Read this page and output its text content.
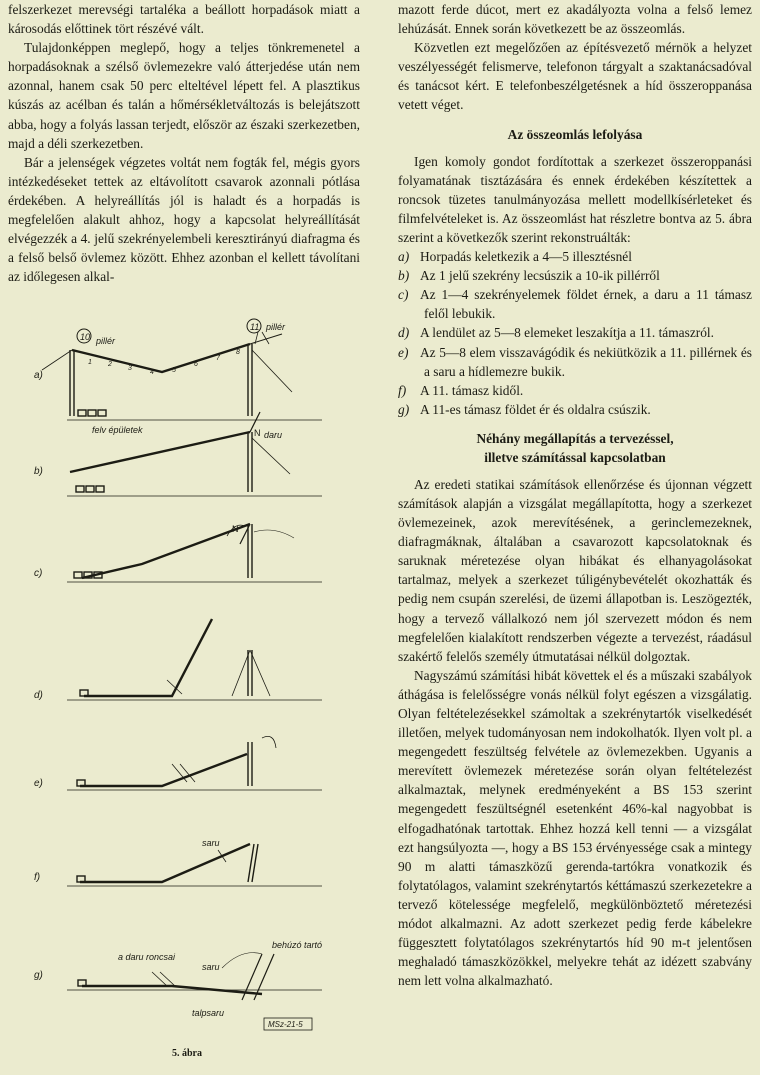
felszerkezet merevségi tartaléka a beállott horpadások miatt a károsodás előttinek tört részévé vált.

Tulajdonképpen meglepő, hogy a teljes tönkremenetel a horpadásoknak a szélső övlemezekre való átterjedése után nem azonnal, hanem csak 50 perc elteltével lépett fel. A plasztikus kúszás az acélban és talán a hőmérsékletváltozás is belejátszott abba, hogy a folyás lassan terjedt, először az északi szerkezetben, majd a déli szerkezetben.

Bár a jelenségek végzetes voltát nem fogták fel, mégis gyors intézkedéseket tettek az eltávolított csavarok azonnali pótlása érdekében. A helyreállítás jól is haladt és a horpadás is megfelelően alakult ahhoz, hogy a kapcsolat helyreállítását elvégezzék a 4. jelű szekrényelembeli keresztirányú diafragma és a felső belső övlemez között. Ehhez azonban el kellett távolítani az időlegesen alkal-

10
11
pillér
pillér
1 2
3
4	5
6
7
8
felv épületek	daru
N
N
saru
a daru roncsai
saru
behúzó tartó
talpsaru
MSz-21-5
a)
b)
c)
d)
e)
f)
g)
5. ábra

mazott ferde dúcot, mert ez akadályozta volna a felső lemez lehúzását. Ennek során következett be az összeomlás.

Közvetlen ezt megelőzően az építésvezető mérnök a helyzet veszélyességét felismerve, telefonon tárgyalt a szaktanácsadóval és tanácsot kért. E telefonbeszélgetésnek a híd összeroppanása vetett véget.

Az összeomlás lefolyása

Igen komoly gondot fordítottak a szerkezet összeroppanási folyamatának tisztázására és ennek érdekében készítettek a roncsok tüzetes tanulmányozása mellett modellkísérleteket és filmfelvételeket is. Az összeomlást hat részletre bontva az 5. ábra szerint a következők szerint rekonstruálták:

a) Horpadás keletkezik a 4—5 illesztésnél
b) Az 1 jelű szekrény lecsúszik a 10-ik pillérről
c) Az 1—4 szekrényelemek földet érnek, a daru a 11 támasz felől lebukik.
d) A lendület az 5—8 elemeket leszakítja a 11. támaszról.
e) Az 5—8 elem visszavágódik és nekiütközik a 11. pillérnek és a saru a hídlemezre bukik.
f) A 11. támasz kidől.
g) A 11-es támasz földet ér és oldalra csúszik.
Néhány megállapítás a tervezéssel,
illetve számítással kapcsolatban

Az eredeti statikai számítások ellenőrzése és újonnan végzett számítások alapján a vizsgálat megállapította, hogy a szerkezet övlemezeinek, azok merevítésének, a gerinclemezeknek, diafragmáknak, általában a csavarozott kapcsolatoknak és saruknak méretezése olyan hibákat és elhanyagolásokat tartalmaz, melyek a szerkezet túligénybevételét okozhatták és pedig nem csupán szerelési, de üzemi állapotban is. Leszögezték, hogy a tervező vállalkozó nem jól szervezett módon és nem megfelelően kialakított rendszerben végezte a tervezést, ráadásul szakértő felelős személy útmutatásai nélkül dolgoztak.

Nagyszámú számítási hibát követtek el és a műszaki szabályok áthágása is felelősségre vonás nélkül folyt egészen a vizsgálatig. Olyan feltételezésekkel számoltak a szekrénytartók viselkedését illetően, melyek tudományosan nem indokolhatók. Ilyen volt pl. a megengedett feszültség felvétele az övlemezekben. Ugyanis a merevített övlemezek méretezése során olyan feltételezést alkalmaztak, melynek eredményeként a BS 153 szerint megengedett feszültségnél esetenként 46%-kal nagyobbat is elfogadhatónak tartottak. Ehhez hozzá kell tenni — a vizsgálat ezt hangsúlyozta —, hogy a BS 153 érvényessége csak a mintegy 90 m alatti támaszközű gerenda-tartókra vonatkozik és folytatólagos, valamint szekrénytartós kéttámaszú szerkezetekre a tervező kötelessége megfelelő, megkülönböztető méretezési módot alkalmazni. Az adott szerkezet pedig ferde kábelekre függesztett folytatólagos szekrénytartós híd 90 m-t jelentősen meghaladó támaszközökkel, melyekre tehát az idézett szabvány nem lett volna alkalmazható.
